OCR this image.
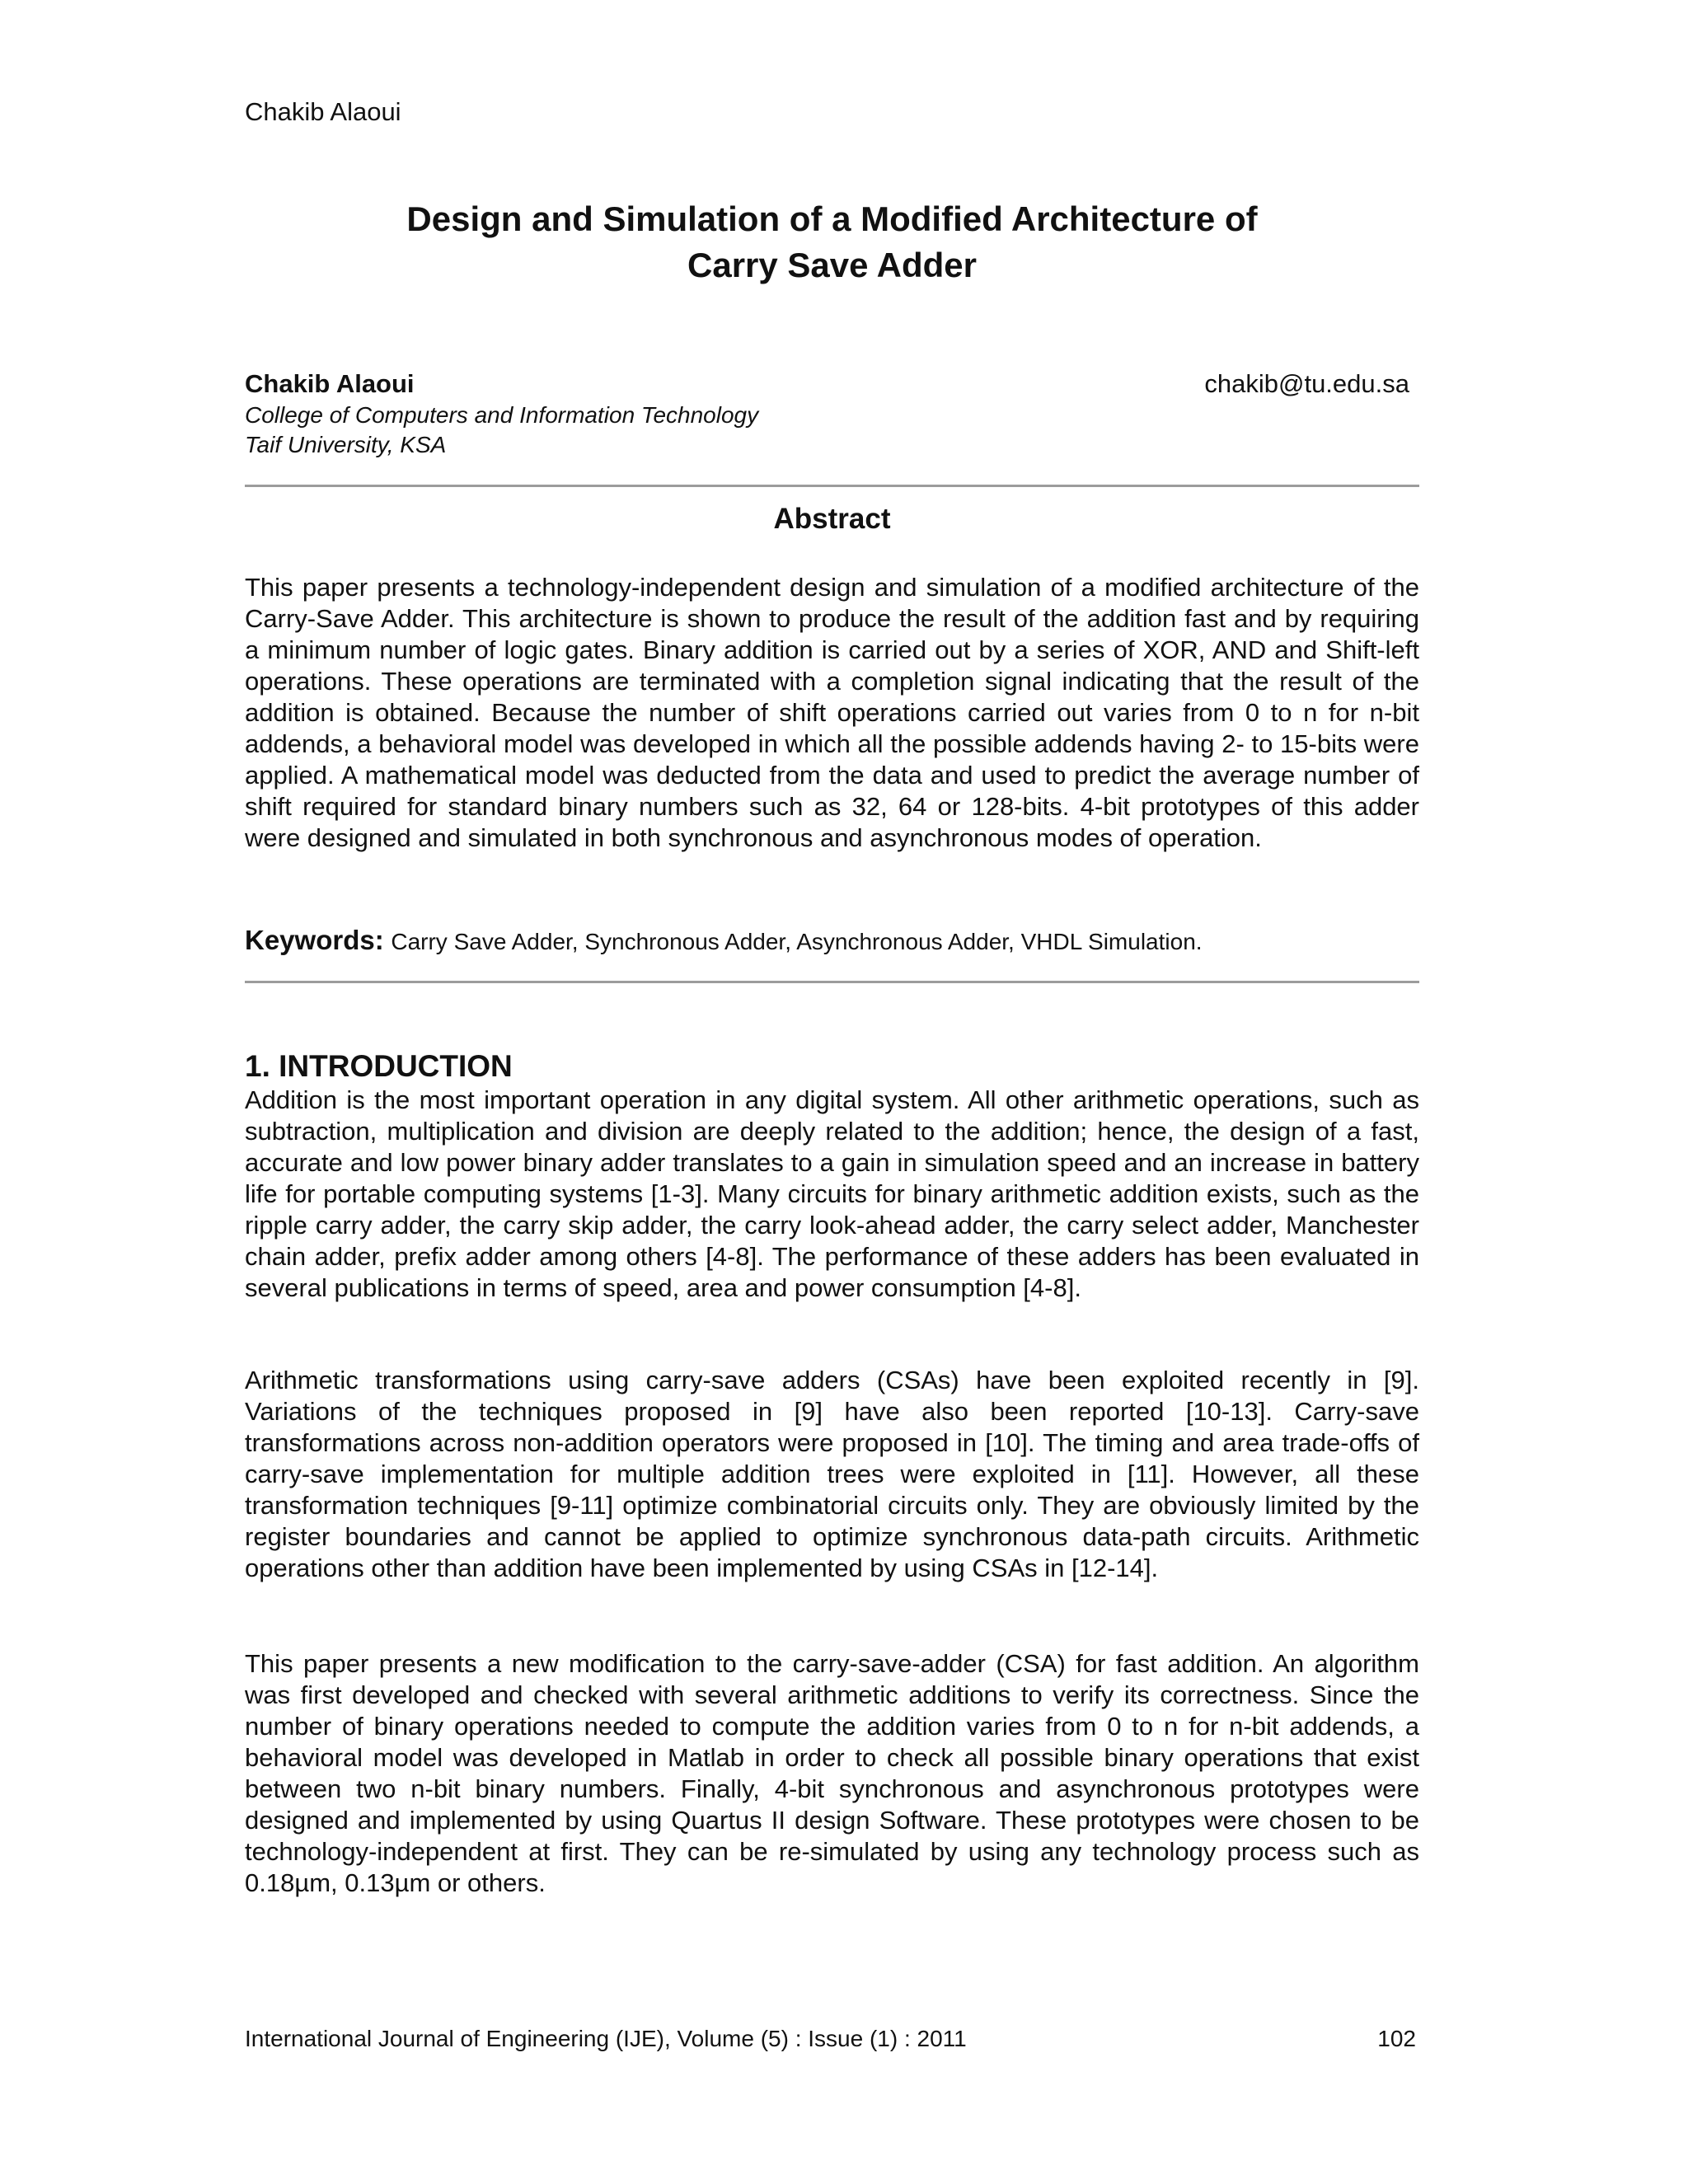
Chakib Alaoui
Design and Simulation of a Modified Architecture of
Carry Save Adder
Chakib Alaoui	chakib@tu.edu.sa
College of Computers and Information Technology
Taif University, KSA
Abstract

This paper presents a technology-independent design and simulation of a modified architecture of the Carry-Save Adder. This architecture is shown to produce the result of the addition fast and by requiring a minimum number of logic gates. Binary addition is carried out by a series of XOR, AND and Shift-left operations. These operations are terminated with a completion signal indicating that the result of the addition is obtained. Because the number of shift operations carried out varies from 0 to n for n-bit addends, a behavioral model was developed in which all the possible addends having 2- to 15-bits were applied. A mathematical model was deducted from the data and used to predict the average number of shift required for standard binary numbers such as 32, 64 or 128-bits. 4-bit prototypes of this adder were designed and simulated in both synchronous and asynchronous modes of operation.

Keywords: Carry Save Adder, Synchronous Adder, Asynchronous Adder, VHDL Simulation.
1. INTRODUCTION

Addition is the most important operation in any digital system. All other arithmetic operations, such as subtraction, multiplication and division are deeply related to the addition; hence, the design of a fast, accurate and low power binary adder translates to a gain in simulation speed and an increase in battery life for portable computing systems [1-3]. Many circuits for binary arithmetic addition exists, such as the ripple carry adder, the carry skip adder, the carry look-ahead adder, the carry select adder, Manchester chain adder, prefix adder among others [4-8]. The performance of these adders has been evaluated in several publications in terms of speed, area and power consumption [4-8].

Arithmetic transformations using carry-save adders (CSAs) have been exploited recently in [9]. Variations of the techniques proposed in [9] have also been reported [10-13]. Carry-save transformations across non-addition operators were proposed in [10]. The timing and area trade-offs of carry-save implementation for multiple addition trees were exploited in [11]. However, all these transformation techniques [9-11] optimize combinatorial circuits only. They are obviously limited by the register boundaries and cannot be applied to optimize synchronous data-path circuits. Arithmetic operations other than addition have been implemented by using CSAs in [12-14].

This paper presents a new modification to the carry-save-adder (CSA) for fast addition. An algorithm was first developed and checked with several arithmetic additions to verify its correctness. Since the number of binary operations needed to compute the addition varies from 0 to n for n-bit addends, a behavioral model was developed in Matlab in order to check all possible binary operations that exist between two n-bit binary numbers. Finally, 4-bit synchronous and asynchronous prototypes were designed and implemented by using Quartus II design Software. These prototypes were chosen to be technology-independent at first. They can be re-simulated by using any technology process such as 0.18µm, 0.13µm or others.

International Journal of Engineering (IJE), Volume (5) : Issue (1) : 2011	102
